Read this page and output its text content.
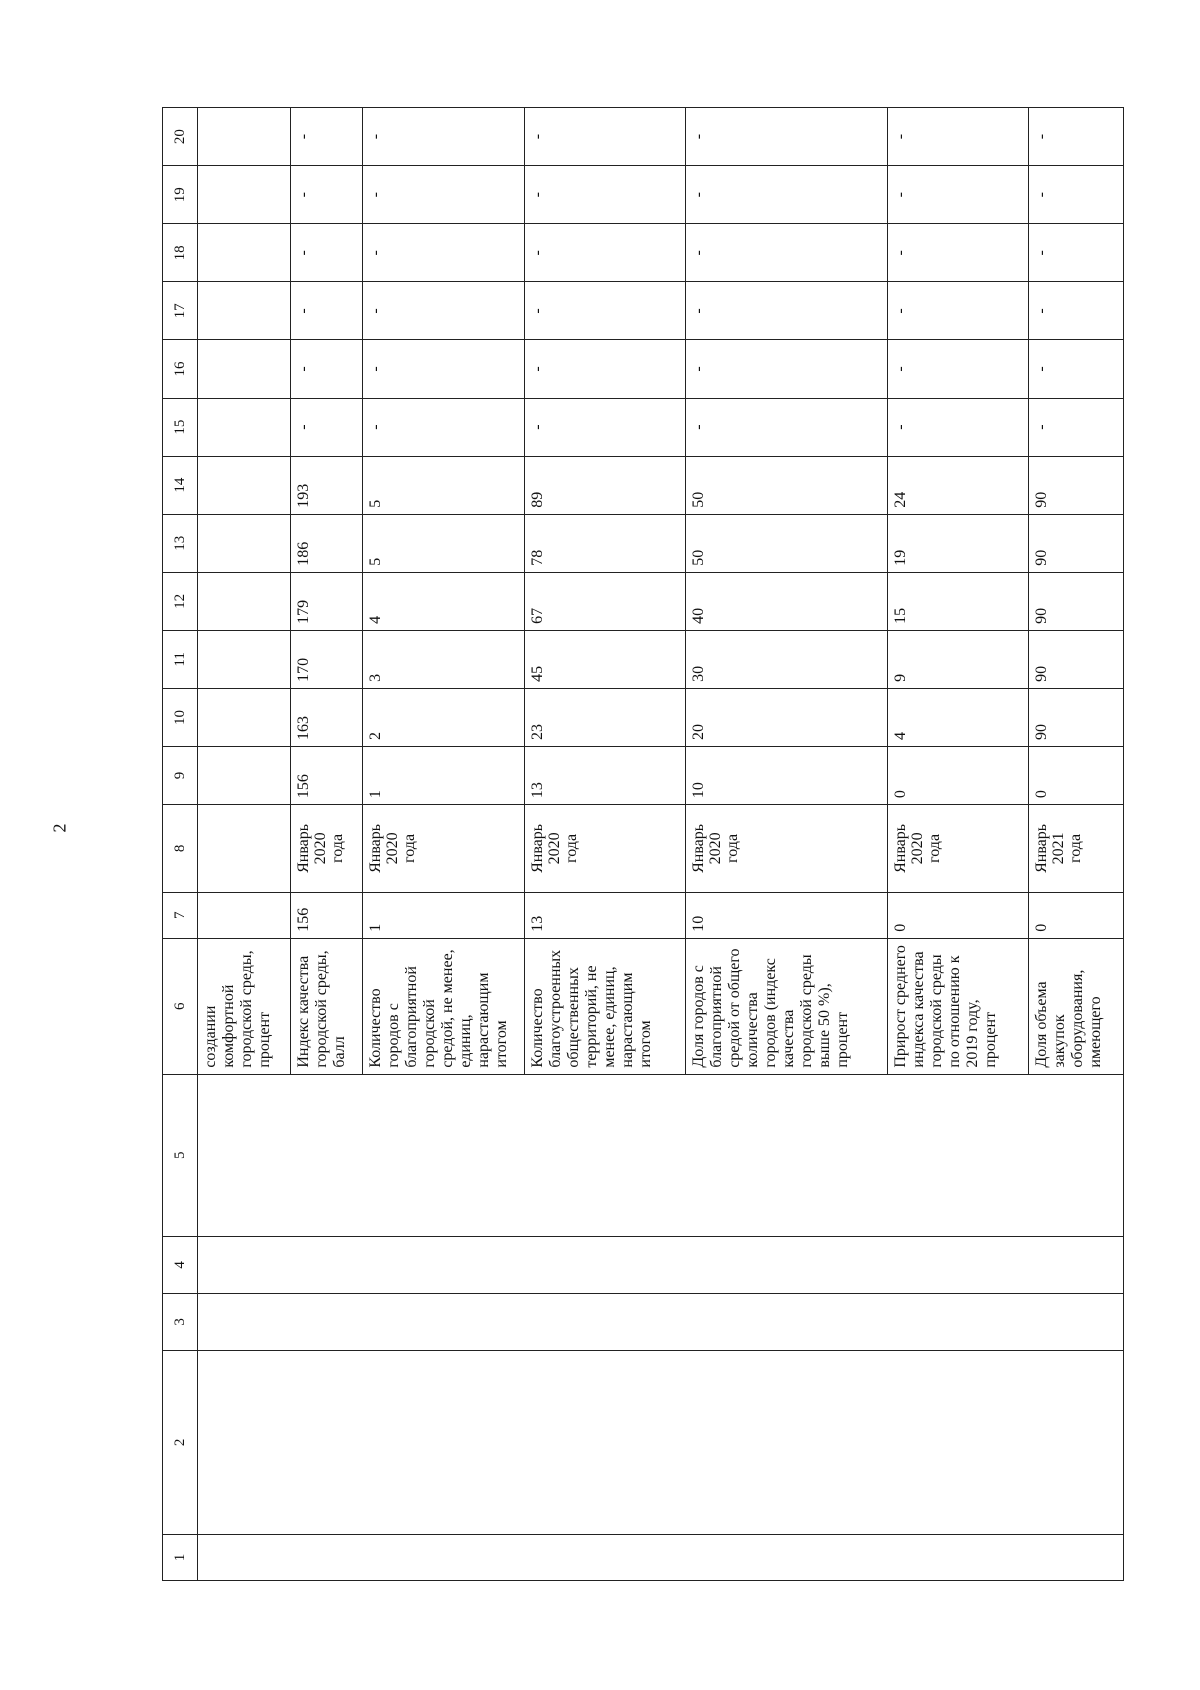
2
1	2	3	4	5	6	7	8	9	10	11	12	13	14	15	16	17	18	19	20
					создании комфортной городской среды, процент														
					Индекс качества городской среды, балл	156	Январь
2020
года	156	163	170	179	186	193	-	-	-	-	-	-
					Количество городов с благоприятной городской средой, не менее, единиц, нарастающим итогом	1	Январь
2020
года	1	2	3	4	5	5	-	-	-	-	-	-
					Количество благоустроенных общественных территорий, не менее, единиц, нарастающим итогом	13	Январь
2020
года	13	23	45	67	78	89	-	-	-	-	-	-
					Доля городов с благоприятной средой от общего количества городов (индекс качества городской среды выше 50 %), процент	10	Январь
2020
года	10	20	30	40	50	50	-	-	-	-	-	-
					Прирост среднего индекса качества городской среды по отношению к 2019 году, процент	0	Январь
2020
года	0	4	9	15	19	24	-	-	-	-	-	-
					Доля объема закупок оборудования, имеющего	0	Январь
2021
года	0	90	90	90	90	90	-	-	-	-	-	-
